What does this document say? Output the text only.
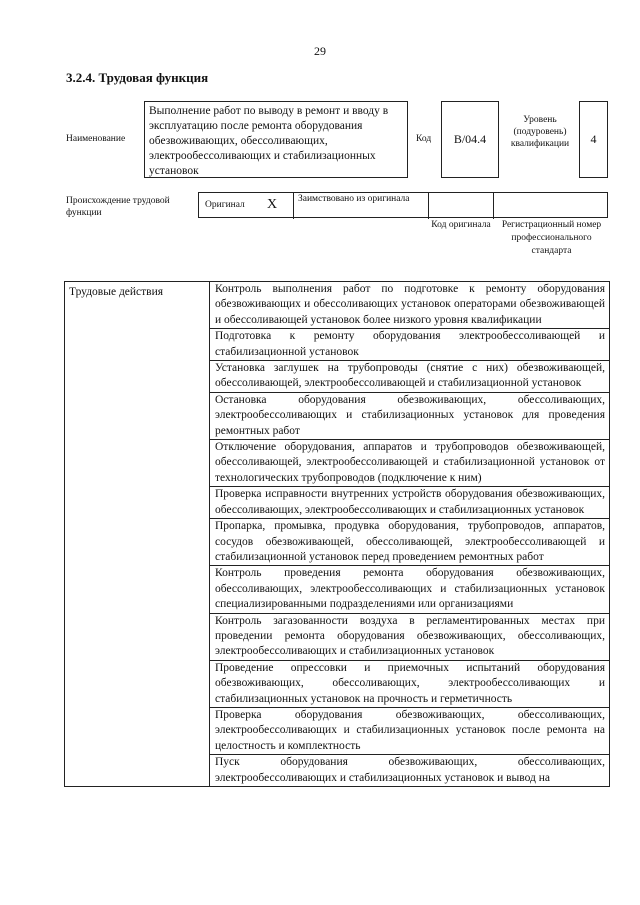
29
3.2.4. Трудовая функция
Наименование
Выполнение работ по выводу в ремонт и вводу в эксплуатацию после ремонта оборудования обезвоживающих, обессоливающих, электрообессоливающих и стабилизационных установок
Код	B/04.4
Уровень (подуровень) квалификации	4
Происхождение трудовой функции
Оригинал X Заимствовано из оригинала
Код оригинала	Регистрационный номер профессионального стандарта
Трудовые действия	Контроль выполнения работ по подготовке к ремонту оборудования обезвоживающих и обессоливающих установок операторами обезвоживающей и обессоливающей установок более низкого уровня квалификации
Подготовка к ремонту оборудования электрообессоливающей и стабилизационной установок
Установка заглушек на трубопроводы (снятие с них) обезвоживающей, обессоливающей, электрообессоливающей и стабилизационной установок
Остановка оборудования обезвоживающих, обессоливающих, электрообессоливающих и стабилизационных установок для проведения ремонтных работ
Отключение оборудования, аппаратов и трубопроводов обезвоживающей, обессоливающей, электрообессоливающей и стабилизационной установок от технологических трубопроводов (подключение к ним)
Проверка исправности внутренних устройств оборудования обезвоживающих, обессоливающих, электрообессоливающих и стабилизационных установок
Пропарка, промывка, продувка оборудования, трубопроводов, аппаратов, сосудов обезвоживающей, обессоливающей, электрообессоливающей и стабилизационной установок перед проведением ремонтных работ
Контроль проведения ремонта оборудования обезвоживающих, обессоливающих, электрообессоливающих и стабилизационных установок специализированными подразделениями или организациями
Контроль загазованности воздуха в регламентированных местах при проведении ремонта оборудования обезвоживающих, обессоливающих, электрообессоливающих и стабилизационных установок
Проведение опрессовки и приемочных испытаний оборудования обезвоживающих, обессоливающих, электрообессоливающих и стабилизационных установок на прочность и герметичность
Проверка оборудования обезвоживающих, обессоливающих, электрообессоливающих и стабилизационных установок после ремонта на целостность и комплектность
Пуск оборудования обезвоживающих, обессоливающих, электрообессоливающих и стабилизационных установок и вывод на
